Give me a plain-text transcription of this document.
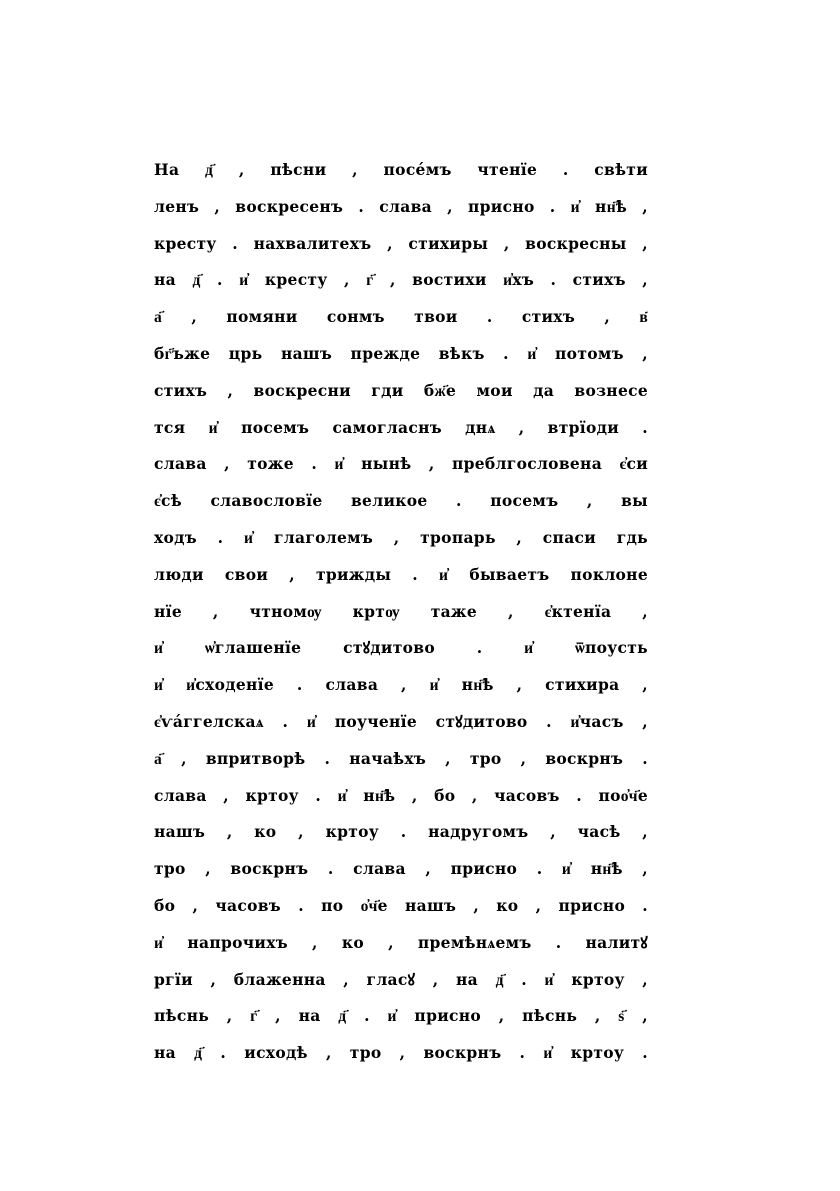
На д҃ , пѣсни , посе́мъ чтенїе . свѣти
ленъ , воскресенъ . слава , присно . и҆ нн҃ѣ ,
кресту . нахвалитехъ , стихиры , воскресны ,
на д҃ . и҆ кресту , г҃ , востихи и҆хъ . стихъ ,
а҃ , помяни сонмъ твои . стихъ , в҃
бг҃ъже црь нашъ прежде вѣкъ . и҆ потомъ ,
стихъ , воскресни гди бж҃е мои да вознесе
тся и҆ посемъ самогласнъ днѧ , втрїоди .
слава , тоже . и҆ нынѣ , преблгословена є҆си
є҆сѣ славословїе великое . посемъ , вы
ходъ . и҆ глаголемъ , тропарь , спаси гдь
люди свои , трижды . и҆ бываетъ поклоне
нїе , чтномѹ кртѹ таже , є҆ктенїа ,
и҆ ѡ҆глашенїе стꙋдитово . и҆ ѿпоусть
и҆ и҆сходенїе . слава , и҆ нн҃ѣ , стихира ,
є҆ѵа́ггелскаѧ . и҆ поученїе стꙋдитово . и҆часъ ,
а҃ , впритворѣ . начаѣхъ , тро , воскрнъ .
слава , кртоу . и҆ нн҃ѣ , бо , часовъ . поо҆ч҃е
нашъ , ко , кртоу . надругомъ , часѣ ,
тро , воскрнъ . слава , присно . и҆ нн҃ѣ ,
бо , часовъ . по о҆ч҃е нашъ , ко , присно .
и҆ напрочихъ , ко , премѣнѧемъ . налитꙋ
ргїи , блаженна , гласꙋ , на д҃ . и҆ кртоу ,
пѣснь , г҃ , на д҃ . и҆ присно , пѣснь , ѕ҃ ,
на д҃ . исходѣ , тро , воскрнъ . и҆ кртоу .
